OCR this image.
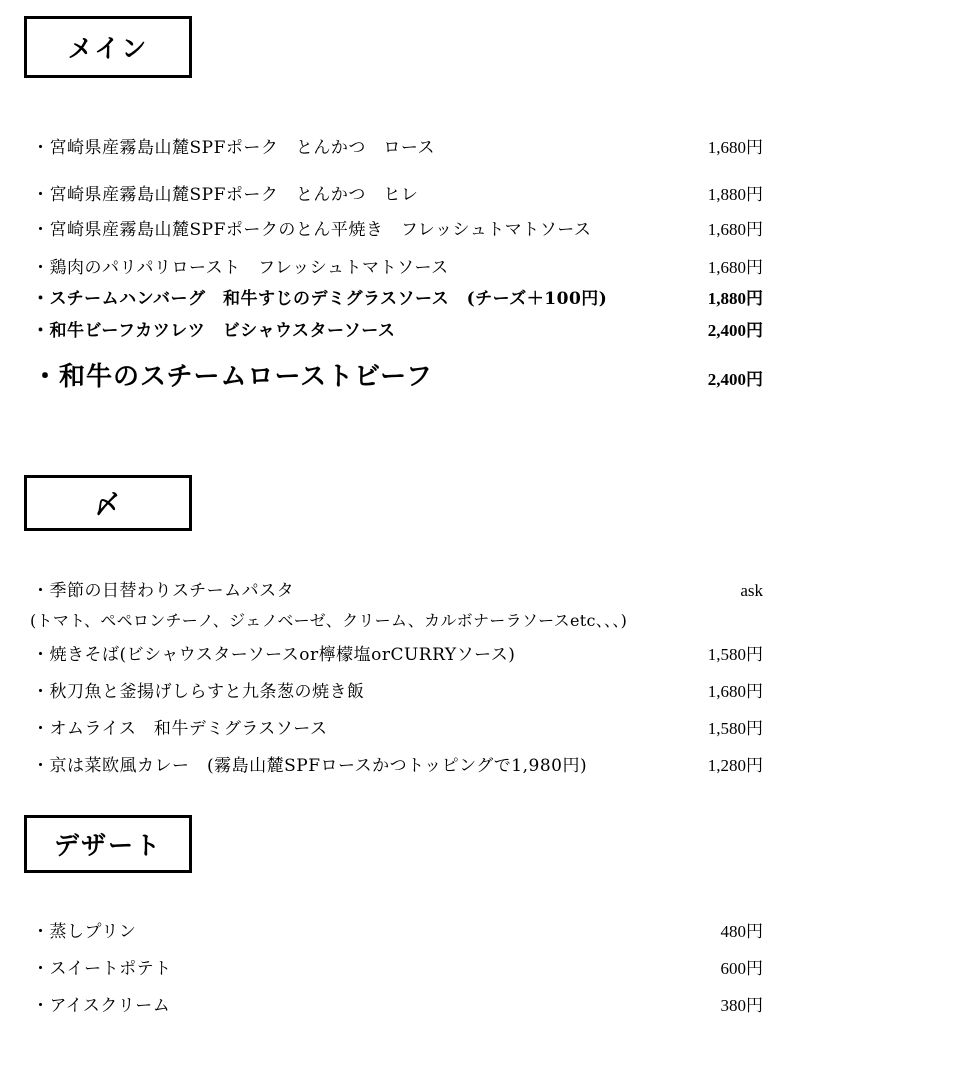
メイン
・宮崎県産霧島山麓SPFポーク　とんかつ　ロース	1,680円
・宮崎県産霧島山麓SPFポーク　とんかつ　ヒレ	1,880円
・宮崎県産霧島山麓SPFポークのとん平焼き　フレッシュトマトソース	1,680円
・鶏肉のパリパリロースト　フレッシュトマトソース	1,680円
・スチームハンバーグ　和牛すじのデミグラスソース　(チーズ＋100円)	1,880円
・和牛ビーフカツレツ　ビシャウスターソース	2,400円
・和牛のスチームローストビーフ	2,400円
〆
・季節の日替わりスチームパスタ	ask
(トマト、ペペロンチーノ、ジェノベーゼ、クリーム、カルボナーラソースetc、、、)
・焼きそば(ビシャウスターソースor檸檬塩orCURRYソース)	1,580円
・秋刀魚と釜揚げしらすと九条葱の焼き飯	1,680円
・オムライス　和牛デミグラスソース	1,580円
・京は菜欧風カレー　(霧島山麓SPFロースかつトッピングで1,980円)	1,280円
デザート
・蒸しプリン	480円
・スイートポテト	600円
・アイスクリーム	380円
